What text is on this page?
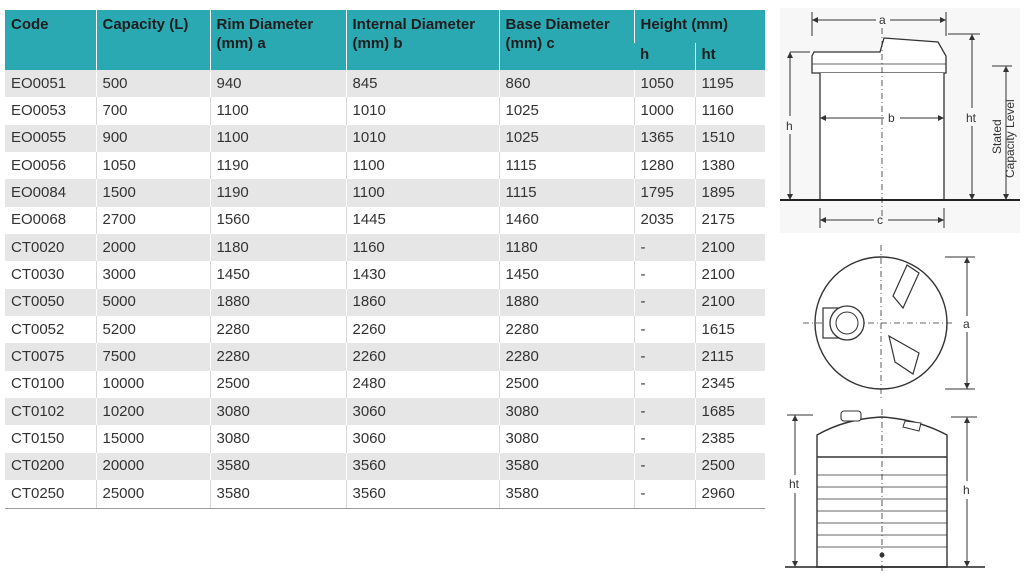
Code	Capacity (L)	Rim Diameter (mm) a	Internal Diameter (mm) b	Base Diameter (mm) c	Height (mm)	
					h	ht
EO0051	500	940	845	860	1050	1195
EO0053	700	1100	1010	1025	1000	1160
EO0055	900	1100	1010	1025	1365	1510
EO0056	1050	1190	1100	1115	1280	1380
EO0084	1500	1190	1100	1115	1795	1895
EO0068	2700	1560	1445	1460	2035	2175
CT0020	2000	1180	1160	1180	-	2100
CT0030	3000	1450	1430	1450	-	2100
CT0050	5000	1880	1860	1880	-	2100
CT0052	5200	2280	2260	2280	-	1615
CT0075	7500	2280	2260	2280	-	2115
CT0100	10000	2500	2480	2500	-	2345
CT0102	10200	3080	3060	3080	-	1685
CT0150	15000	3080	3060	3080	-	2385
CT0200	20000	3580	3560	3580	-	2500
CT0250	25000	3580	3560	3580	-	2960
a
b
c
h
ht
Stated Capacity Level
a
ht	h
